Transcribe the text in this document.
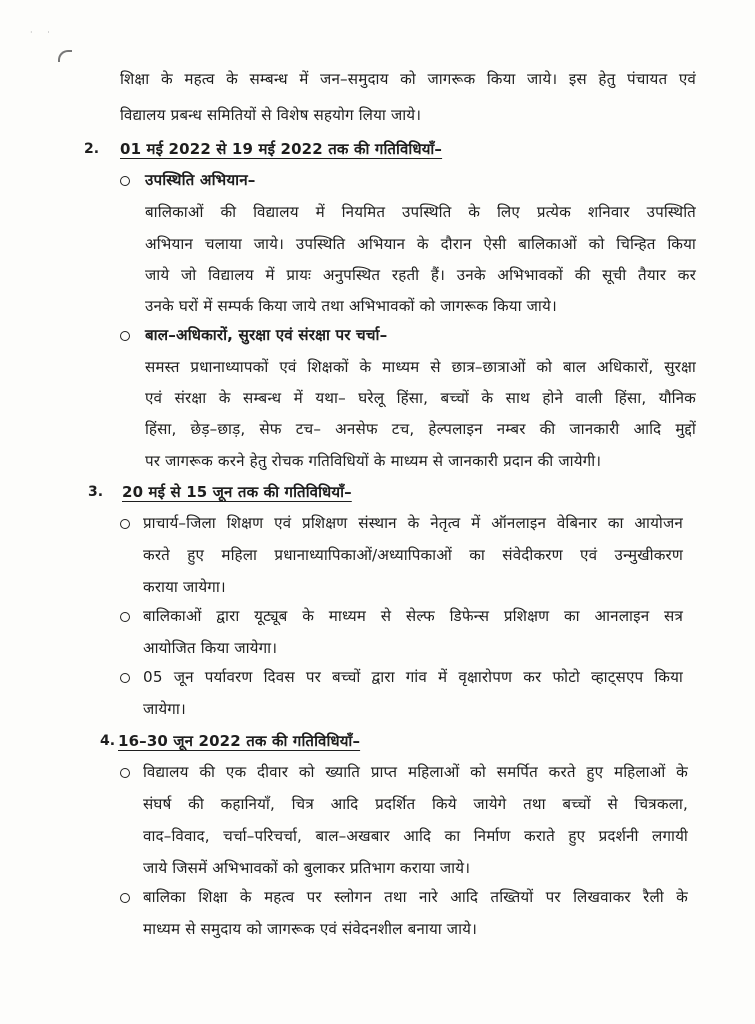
· ·
शिक्षा के महत्व के सम्बन्ध में जन–समुदाय को जागरूक किया जाये। इस हेतु पंचायत एवं
विद्यालय प्रबन्ध समितियों से विशेष सहयोग लिया जाये।
2. 01 मई 2022 से 19 मई 2022 तक की गतिविधियाँ–
उपस्थिति अभियान–
बालिकाओं की विद्यालय में नियमित उपस्थिति के लिए प्रत्येक शनिवार उपस्थिति
अभियान चलाया जाये। उपस्थिति अभियान के दौरान ऐसी बालिकाओं को चिन्हित किया
जाये जो विद्यालय में प्रायः अनुपस्थित रहती हैं। उनके अभिभावकों की सूची तैयार कर
उनके घरों में सम्पर्क किया जाये तथा अभिभावकों को जागरूक किया जाये।
बाल–अधिकारों, सुरक्षा एवं संरक्षा पर चर्चा–
समस्त प्रधानाध्यापकों एवं शिक्षकों के माध्यम से छात्र–छात्राओं को बाल अधिकारों, सुरक्षा
एवं संरक्षा के सम्बन्ध में यथा– घरेलू हिंसा, बच्चों के साथ होने वाली हिंसा, यौनिक
हिंसा, छेड़–छाड़, सेफ टच– अनसेफ टच, हेल्पलाइन नम्बर की जानकारी आदि मुद्दों
पर जागरूक करने हेतु रोचक गतिविधियों के माध्यम से जानकारी प्रदान की जायेगी।
3. 20 मई से 15 जून तक की गतिविधियाँ–
प्राचार्य–जिला शिक्षण एवं प्रशिक्षण संस्थान के नेतृत्व में ऑनलाइन वेबिनार का आयोजन
करते हुए महिला प्रधानाध्यापिकाओं/अध्यापिकाओं का संवेदीकरण एवं उन्मुखीकरण
कराया जायेगा।
बालिकाओं द्वारा यूट्यूब के माध्यम से सेल्फ डिफेन्स प्रशिक्षण का आनलाइन सत्र
आयोजित किया जायेगा।
05 जून पर्यावरण दिवस पर बच्चों द्वारा गांव में वृक्षारोपण कर फोटो व्हाट्सएप किया
जायेगा।
4. 16–30 जून 2022 तक की गतिविधियाँ–
विद्यालय की एक दीवार को ख्याति प्राप्त महिलाओं को समर्पित करते हुए महिलाओं के
संघर्ष की कहानियाँ, चित्र आदि प्रदर्शित किये जायेगे तथा बच्चों से चित्रकला,
वाद–विवाद, चर्चा–परिचर्चा, बाल–अखबार आदि का निर्माण कराते हुए प्रदर्शनी लगायी
जाये जिसमें अभिभावकों को बुलाकर प्रतिभाग कराया जाये।
बालिका शिक्षा के महत्व पर स्लोगन तथा नारे आदि तख्तियों पर लिखवाकर रैली के
माध्यम से समुदाय को जागरूक एवं संवेदनशील बनाया जाये।
